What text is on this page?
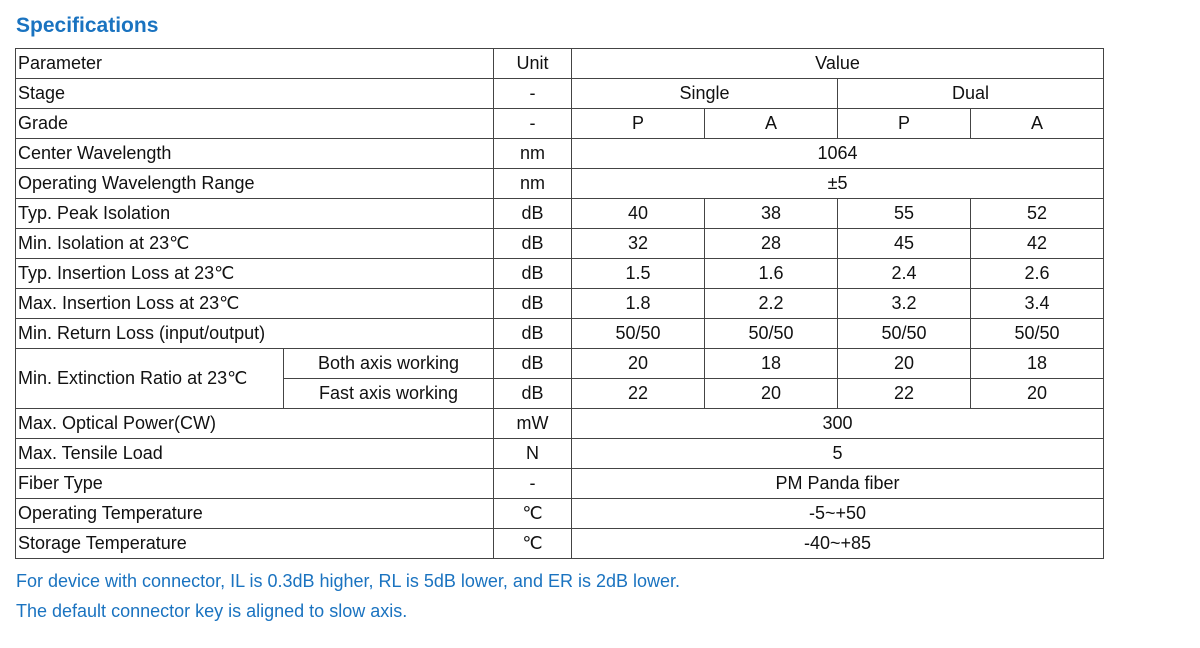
Specifications
Parameter		Unit	Value			
Stage		-	Single		Dual	
Grade		-	P	A	P	A
Center Wavelength		nm	1064			
Operating Wavelength Range		nm	±5			
Typ. Peak Isolation		dB	40	38	55	52
Min. Isolation at 23℃		dB	32	28	45	42
Typ. Insertion Loss at 23℃		dB	1.5	1.6	2.4	2.6
Max. Insertion Loss at 23℃		dB	1.8	2.2	3.2	3.4
Min. Return Loss (input/output)		dB	50/50	50/50	50/50	50/50
Min. Extinction Ratio at 23℃	Both axis working	dB	20	18	20	18
	Fast axis working	dB	22	20	22	20
Max. Optical Power(CW)		mW	300			
Max. Tensile Load		N	5			
Fiber Type		-	PM Panda fiber			
Operating Temperature		℃	-5~+50			
Storage Temperature		℃	-40~+85			
For device with connector, IL is 0.3dB higher, RL is 5dB lower, and ER is 2dB lower.
The default connector key is aligned to slow axis.
